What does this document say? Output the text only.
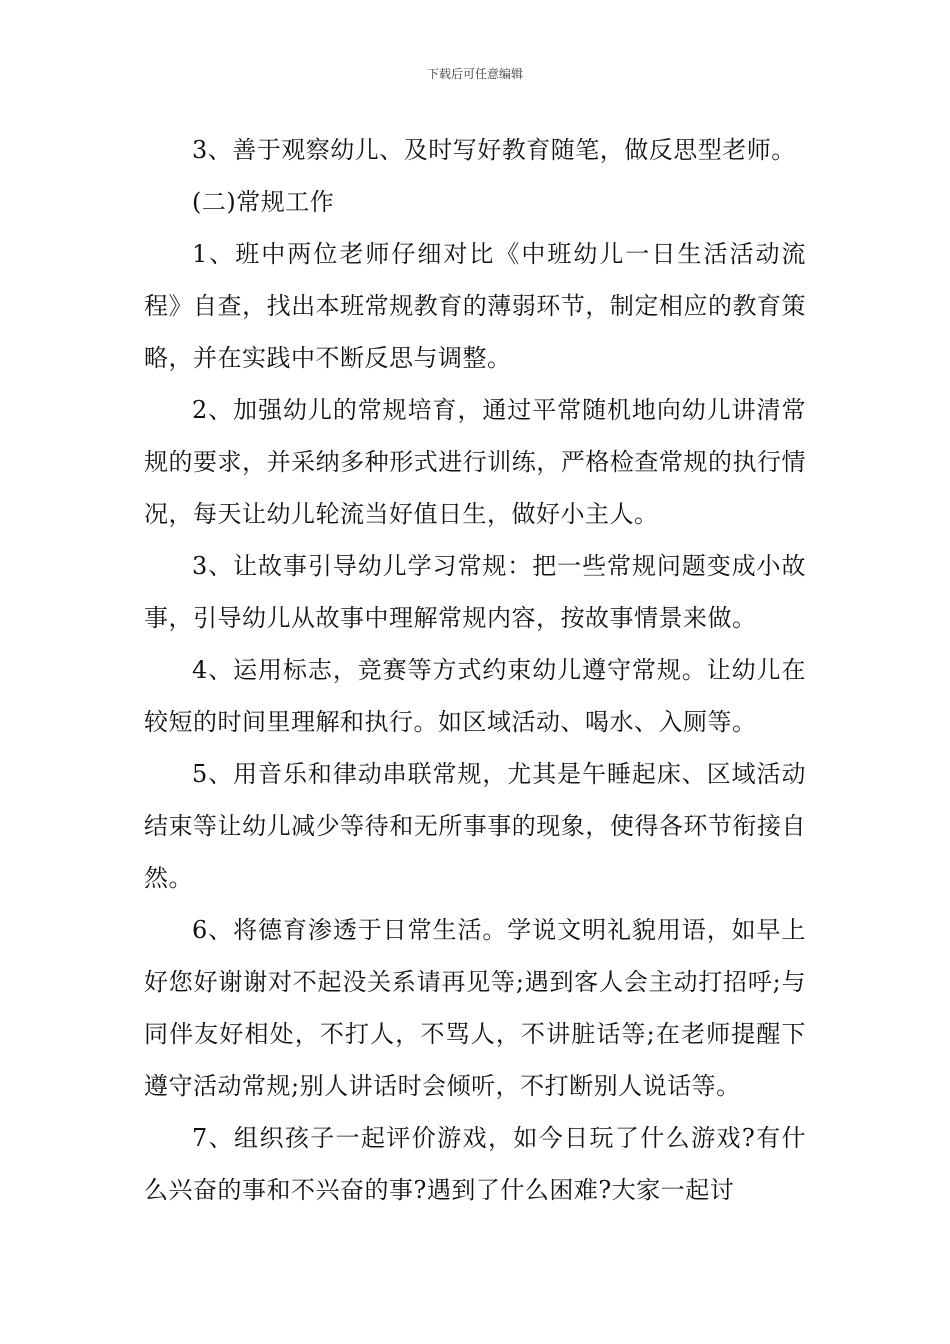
下载后可任意编辑

3、善于观察幼儿、及时写好教育随笔，做反思型老师。

(二)常规工作

1、班中两位老师仔细对比《中班幼儿一日生活活动流程》自查，找出本班常规教育的薄弱环节，制定相应的教育策略，并在实践中不断反思与调整。

2、加强幼儿的常规培育，通过平常随机地向幼儿讲清常规的要求，并采纳多种形式进行训练，严格检查常规的执行情况，每天让幼儿轮流当好值日生，做好小主人。

3、让故事引导幼儿学习常规：把一些常规问题变成小故事，引导幼儿从故事中理解常规内容，按故事情景来做。

4、运用标志，竞赛等方式约束幼儿遵守常规。让幼儿在较短的时间里理解和执行。如区域活动、喝水、入厕等。

5、用音乐和律动串联常规，尤其是午睡起床、区域活动结束等让幼儿减少等待和无所事事的现象，使得各环节衔接自然。

6、将德育渗透于日常生活。学说文明礼貌用语，如早上好您好谢谢对不起没关系请再见等;遇到客人会主动打招呼;与同伴友好相处，不打人，不骂人，不讲脏话等;在老师提醒下遵守活动常规;别人讲话时会倾听，不打断别人说话等。

7、组织孩子一起评价游戏，如今日玩了什么游戏?有什么兴奋的事和不兴奋的事?遇到了什么困难?大家一起讨
